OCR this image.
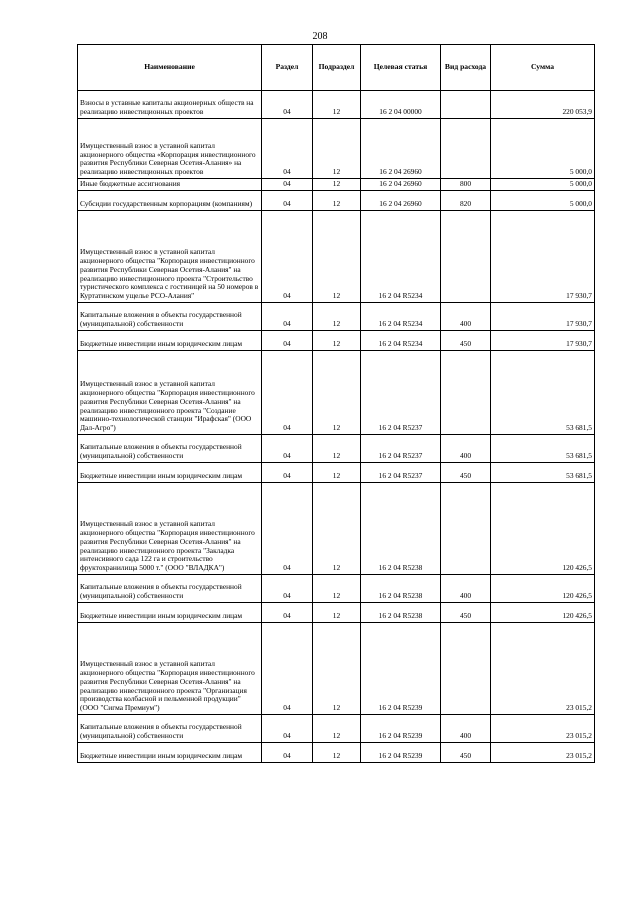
208
Наименование	Раздел	Подраздел	Целевая статья	Вид расхода	Сумма
Взносы в уставные капиталы акционерных обществ на реализацию инвестиционных проектов	04	12	16 2 04 00000		220 053,9
Имущественный взнос в уставной капитал акционерного общества «Корпорация инвестиционного развития Республики Северная Осетия-Алания» на реализацию инвестиционных проектов	04	12	16 2 04 26960		5 000,0
Иные бюджетные ассигнования	04	12	16 2 04 26960	800	5 000,0
Субсидии государственным корпорациям (компаниям)	04	12	16 2 04 26960	820	5 000,0
Имущественный взнос в уставной капитал акционерного общества "Корпорация инвестиционного развития Республики Северная Осетия-Алания" на реализацию инвестиционного проекта "Строительство туристического комплекса с гостиницей на 50 номеров в Куртатинском ущелье РСО-Алания"	04	12	16 2 04 R5234		17 930,7
Капитальные вложения в объекты государственной (муниципальной) собственности	04	12	16 2 04 R5234	400	17 930,7
Бюджетные инвестиции иным юридическим лицам	04	12	16 2 04 R5234	450	17 930,7
Имущественный взнос в уставной капитал акционерного общества "Корпорация инвестиционного развития Республики Северная Осетия-Алания" на реализацию инвестиционного проекта "Создание машинно-технологической станции "Ирафская" (ООО Дал-Агро")	04	12	16 2 04 R5237		53 681,5
Капитальные вложения в объекты государственной (муниципальной) собственности	04	12	16 2 04 R5237	400	53 681,5
Бюджетные инвестиции иным юридическим лицам	04	12	16 2 04 R5237	450	53 681,5
Имущественный взнос в уставной капитал акционерного общества "Корпорация инвестиционного развития Республики Северная Осетия-Алания" на реализацию инвестиционного проекта "Закладка интенсивного сада 122 га и строительство фруктохранилища 5000 т." (ООО "ВЛАДКА")	04	12	16 2 04 R5238		120 426,5
Капитальные вложения в объекты государственной (муниципальной) собственности	04	12	16 2 04 R5238	400	120 426,5
Бюджетные инвестиции иным юридическим лицам	04	12	16 2 04 R5238	450	120 426,5
Имущественный взнос в уставной капитал акционерного общества "Корпорация инвестиционного развития Республики Северная Осетия-Алания" на реализацию инвестиционного проекта "Организация производства колбасной и пельменной продукции" (ООО "Сигма Премиум")	04	12	16 2 04 R5239		23 015,2
Капитальные вложения в объекты государственной (муниципальной) собственности	04	12	16 2 04 R5239	400	23 015,2
Бюджетные инвестиции иным юридическим лицам	04	12	16 2 04 R5239	450	23 015,2
